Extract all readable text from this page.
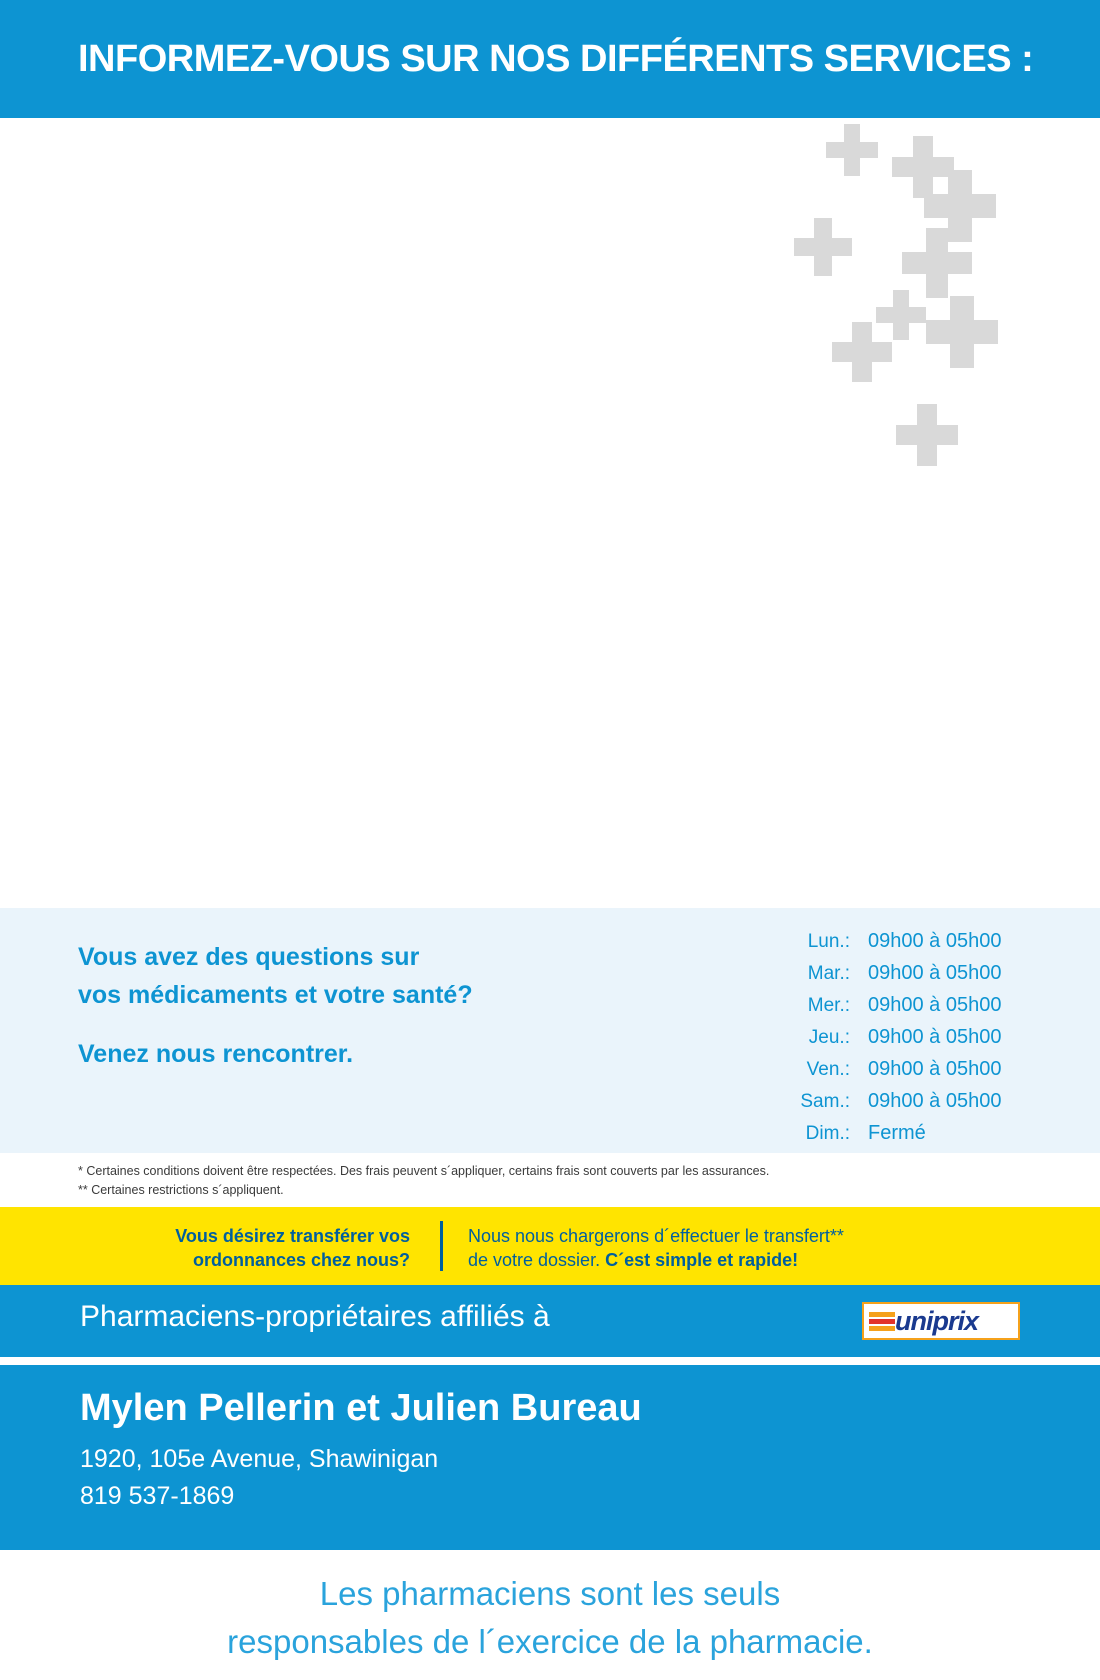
INFORMEZ-VOUS SUR NOS DIFFÉRENTS SERVICES :
Vous avez des questions sur
vos médicaments et votre santé?
Venez nous rencontrer.
Lun.: 09h00 à 05h00
Mar.: 09h00 à 05h00
Mer.: 09h00 à 05h00
Jeu.: 09h00 à 05h00
Ven.: 09h00 à 05h00
Sam.: 09h00 à 05h00
Dim.: Fermé
* Certaines conditions doivent être respectées. Des frais peuvent s´appliquer, certains frais sont couverts par les assurances.
** Certaines restrictions s´appliquent.
Vous désirez transférer vos
ordonnances chez nous?
Nous nous chargerons d´effectuer le transfert**
de votre dossier. C´est simple et rapide!
Pharmaciens-propriétaires affiliés à	uniprix
Mylen Pellerin et Julien Bureau
1920, 105e Avenue, Shawinigan
819 537-1869
Les pharmaciens sont les seuls
responsables de l´exercice de la pharmacie.
